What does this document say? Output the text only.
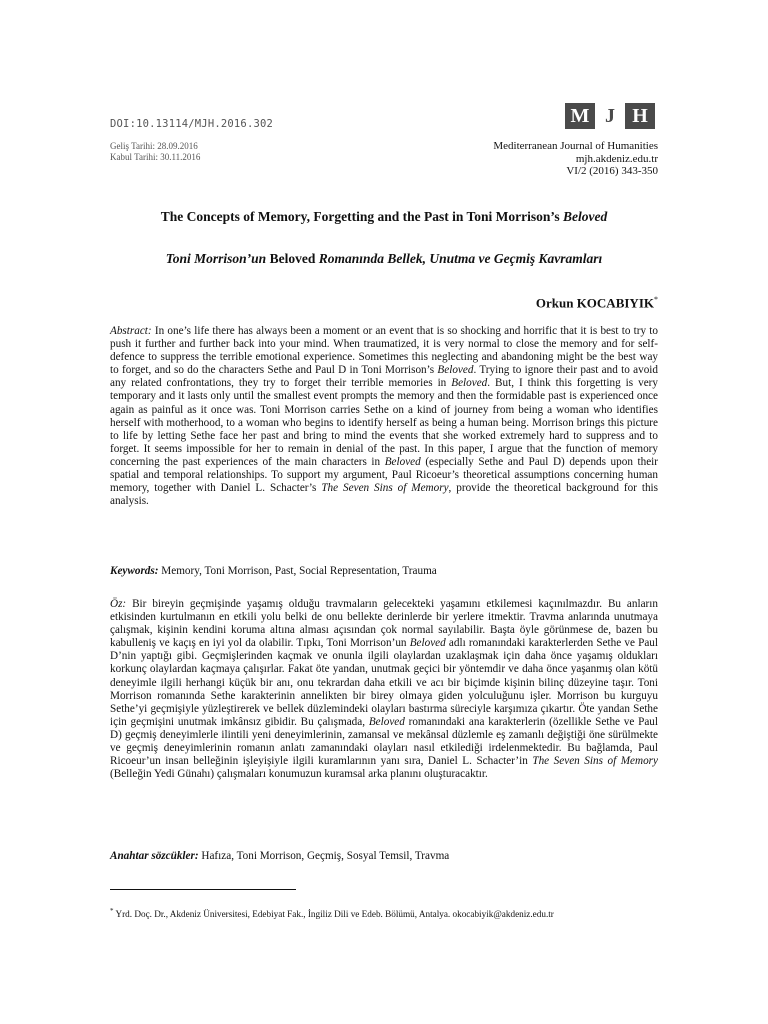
DOI:10.13114/MJH.2016.302
Geliş Tarihi: 28.09.2016
Kabul Tarihi: 30.11.2016
M J H
Mediterranean Journal of Humanities
mjh.akdeniz.edu.tr
VI/2 (2016) 343-350
The Concepts of Memory, Forgetting and the Past in Toni Morrison’s Beloved
Toni Morrison’un Beloved Romanında Bellek, Unutma ve Geçmiş Kavramları
Orkun KOCABIYIK*
Abstract: In one’s life there has always been a moment or an event that is so shocking and horrific that it is best to try to push it further and further back into your mind. When traumatized, it is very normal to close the memory and for self-defence to suppress the terrible emotional experience. Sometimes this neglecting and abandoning might be the best way to forget, and so do the characters Sethe and Paul D in Toni Morrison’s Beloved. Trying to ignore their past and to avoid any related confrontations, they try to forget their terrible memories in Beloved. But, I think this forgetting is very temporary and it lasts only until the smallest event prompts the memory and then the formidable past is experienced once again as painful as it once was. Toni Morrison carries Sethe on a kind of journey from being a woman who identifies herself with motherhood, to a woman who begins to identify herself as being a human being. Morrison brings this picture to life by letting Sethe face her past and bring to mind the events that she worked extremely hard to suppress and to forget. It seems impossible for her to remain in denial of the past. In this paper, I argue that the function of memory concerning the past experiences of the main characters in Beloved (especially Sethe and Paul D) depends upon their spatial and temporal relationships. To support my argument, Paul Ricoeur’s theoretical assumptions concerning human memory, together with Daniel L. Schacter’s The Seven Sins of Memory, provide the theoretical background for this analysis.
Keywords: Memory, Toni Morrison, Past, Social Representation, Trauma
Öz: Bir bireyin geçmişinde yaşamış olduğu travmaların gelecekteki yaşamını etkilemesi kaçınılmazdır. Bu anların etkisinden kurtulmanın en etkili yolu belki de onu bellekte derinlerde bir yerlere itmektir. Travma anlarında unutmaya çalışmak, kişinin kendini koruma altına alması açısından çok normal sayılabilir. Başta öyle görünmese de, bazen bu kabulleniş ve kaçış en iyi yol da olabilir. Tıpkı, Toni Morrison’un Beloved adlı romanındaki karakterlerden Sethe ve Paul D’nin yaptığı gibi. Geçmişlerinden kaçmak ve onunla ilgili olaylardan uzaklaşmak için daha önce yaşamış oldukları korkunç olaylardan kaçmaya çalışırlar. Fakat öte yandan, unutmak geçici bir yöntemdir ve daha önce yaşanmış olan kötü deneyimle ilgili herhangi küçük bir anı, onu tekrardan daha etkili ve acı bir biçimde kişinin bilinç düzeyine taşır. Toni Morrison romanında Sethe karakterinin annelikten bir birey olmaya giden yolculuğunu işler. Morrison bu kurguyu Sethe’yi geçmişiyle yüzleştirerek ve bellek düzlemindeki olayları bastırma süreciyle karşımıza çıkartır. Öte yandan Sethe için geçmişini unutmak imkânsız gibidir. Bu çalışmada, Beloved romanındaki ana karakterlerin (özellikle Sethe ve Paul D) geçmiş deneyimlerle ilintili yeni deneyimlerinin, zamansal ve mekânsal düzlemle eş zamanlı değiştiği öne sürülmekte ve geçmiş deneyimlerinin romanın anlatı zamanındaki olayları nasıl etkilediği irdelenmektedir. Bu bağlamda, Paul Ricoeur’un insan belleğinin işleyişiyle ilgili kuramlarının yanı sıra, Daniel L. Schacter’in The Seven Sins of Memory (Belleğin Yedi Günahı) çalışmaları konumuzun kuramsal arka planını oluşturacaktır.
Anahtar sözcükler: Hafıza, Toni Morrison, Geçmiş, Sosyal Temsil, Travma
* Yrd. Doç. Dr., Akdeniz Üniversitesi, Edebiyat Fak., İngiliz Dili ve Edeb. Bölümü, Antalya. okocabiyik@akdeniz.edu.tr
